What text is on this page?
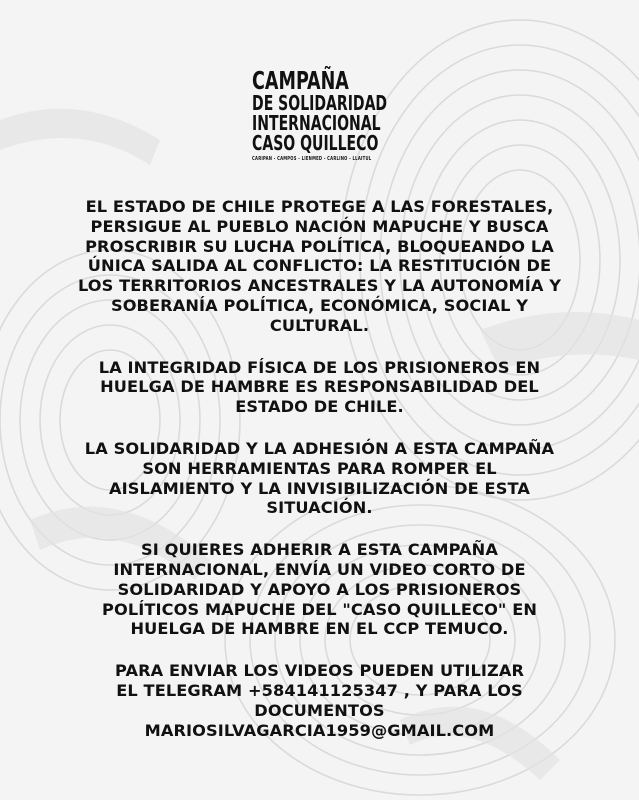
CAMPAÑA
DE SOLIDARIDAD
INTERNACIONAL
CASO QUILLECO
CARIPAN - CAMPOS - LIENMED - CARLINO - LLAITUL

EL ESTADO DE CHILE PROTEGE A LAS FORESTALES,
PERSIGUE AL PUEBLO NACIÓN MAPUCHE Y BUSCA
PROSCRIBIR SU LUCHA POLÍTICA, BLOQUEANDO LA
ÚNICA SALIDA AL CONFLICTO: LA RESTITUCIÓN DE
LOS TERRITORIOS ANCESTRALES Y LA AUTONOMÍA Y
SOBERANÍA POLÍTICA, ECONÓMICA, SOCIAL Y
CULTURAL.

LA INTEGRIDAD FÍSICA DE LOS PRISIONEROS EN
HUELGA DE HAMBRE ES RESPONSABILIDAD DEL
ESTADO DE CHILE.

LA SOLIDARIDAD Y LA ADHESIÓN A ESTA CAMPAÑA
SON HERRAMIENTAS PARA ROMPER EL
AISLAMIENTO Y LA INVISIBILIZACIÓN DE ESTA
SITUACIÓN.

SI QUIERES ADHERIR A ESTA CAMPAÑA
INTERNACIONAL, ENVÍA UN VIDEO CORTO DE
SOLIDARIDAD Y APOYO A LOS PRISIONEROS
POLÍTICOS MAPUCHE DEL "CASO QUILLECO" EN
HUELGA DE HAMBRE EN EL CCP TEMUCO.

PARA ENVIAR LOS VIDEOS PUEDEN UTILIZAR
EL TELEGRAM +584141125347 , Y PARA LOS
DOCUMENTOS
MARIOSILVAGARCIA1959@GMAIL.COM
